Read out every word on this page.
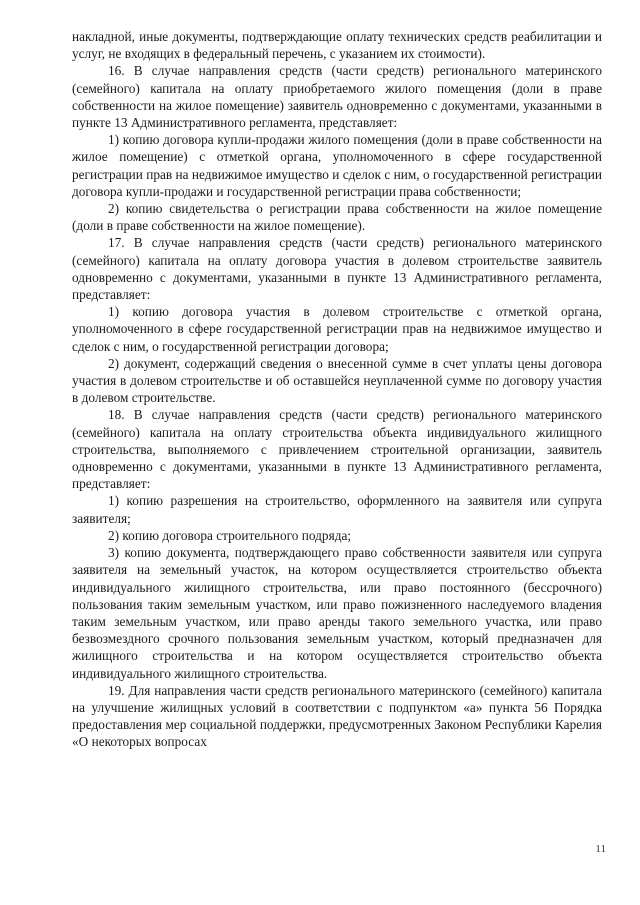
накладной, иные документы, подтверждающие оплату технических средств реабилитации и услуг, не входящих в федеральный перечень, с указанием их стоимости).

16. В случае направления средств (части средств) регионального материнского (семейного) капитала на оплату приобретаемого жилого помещения (доли в праве собственности на жилое помещение) заявитель одновременно с документами, указанными в пункте 13 Административного регламента, представляет:

1) копию договора купли-продажи жилого помещения (доли в праве собственности на жилое помещение) с отметкой органа, уполномоченного в сфере государственной регистрации прав на недвижимое имущество и сделок с ним, о государственной регистрации договора купли-продажи и государственной регистрации права собственности;

2) копию свидетельства о регистрации права собственности на жилое помещение (доли в праве собственности на жилое помещение).

17. В случае направления средств (части средств) регионального материнского (семейного) капитала на оплату договора участия в долевом строительстве заявитель одновременно с документами, указанными в пункте 13 Административного регламента, представляет:

1) копию договора участия в долевом строительстве с отметкой органа, уполномоченного в сфере государственной регистрации прав на недвижимое имущество и сделок с ним, о государственной регистрации договора;

2) документ, содержащий сведения о внесенной сумме в счет уплаты цены договора участия в долевом строительстве и об оставшейся неуплаченной сумме по договору участия в долевом строительстве.

18. В случае направления средств (части средств) регионального материнского (семейного) капитала на оплату строительства объекта индивидуального жилищного строительства, выполняемого с привлечением строительной организации, заявитель одновременно с документами, указанными в пункте 13 Административного регламента, представляет:

1) копию разрешения на строительство, оформленного на заявителя или супруга заявителя;

2) копию договора строительного подряда;

3) копию документа, подтверждающего право собственности заявителя или супруга заявителя на земельный участок, на котором осуществляется строительство объекта индивидуального жилищного строительства, или право постоянного (бессрочного) пользования таким земельным участком, или право пожизненного наследуемого владения таким земельным участком, или право аренды такого земельного участка, или право безвозмездного срочного пользования земельным участком, который предназначен для жилищного строительства и на котором осуществляется строительство объекта индивидуального жилищного строительства.

19. Для направления части средств регионального материнского (семейного) капитала на улучшение жилищных условий в соответствии с подпунктом «а» пункта 56 Порядка предоставления мер социальной поддержки, предусмотренных Законом Республики Карелия «О некоторых вопросах

11
